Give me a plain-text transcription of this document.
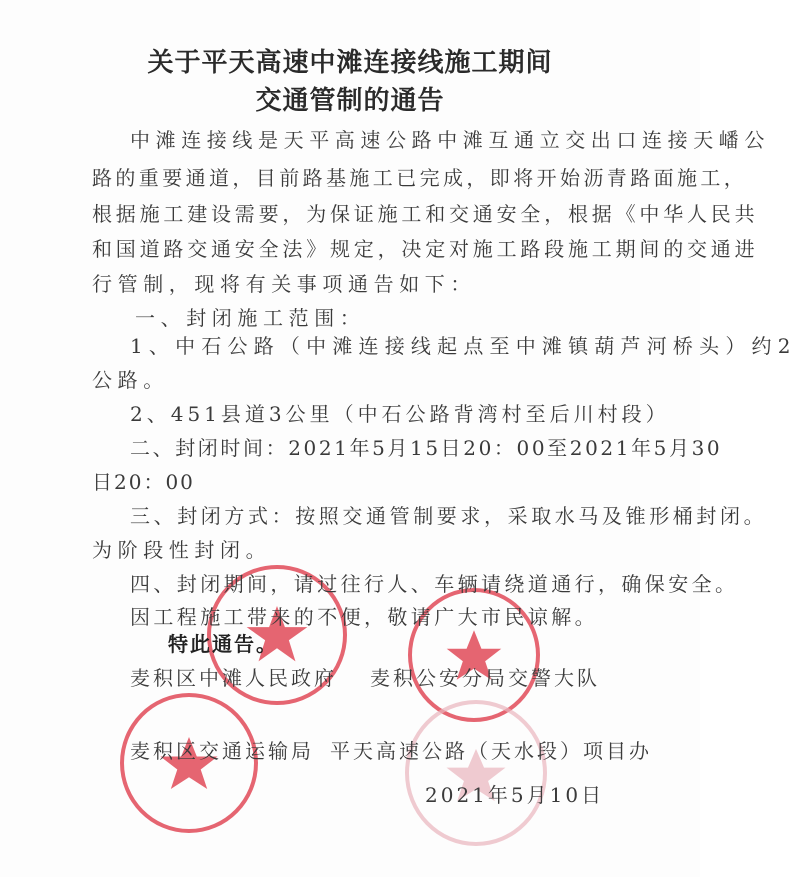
关于平天高速中滩连接线施工期间
交通管制的通告
中滩连接线是天平高速公路中滩互通立交出口连接天嶓公
路的重要通道，目前路基施工已完成，即将开始沥青路面施工，
根据施工建设需要，为保证施工和交通安全，根据《中华人民共
和国道路交通安全法》规定，决定对施工路段施工期间的交通进
行管制，现将有关事项通告如下：
一、封闭施工范围：
1、中石公路（中滩连接线起点至中滩镇葫芦河桥头）约2
公路。
2、451县道3公里（中石公路背湾村至后川村段）
二、封闭时间：2021年5月15日20：00至2021年5月30
日20：00
三、封闭方式：按照交通管制要求，采取水马及锥形桶封闭。
为阶段性封闭。
四、封闭期间，请过往行人、车辆请绕道通行，确保安全。
因工程施工带来的不便，敬请广大市民谅解。
特此通告。
麦积区中滩人民政府 麦积公安分局交警大队
麦积区交通运输局 平天高速公路（天水段）项目办
2021年5月10日
